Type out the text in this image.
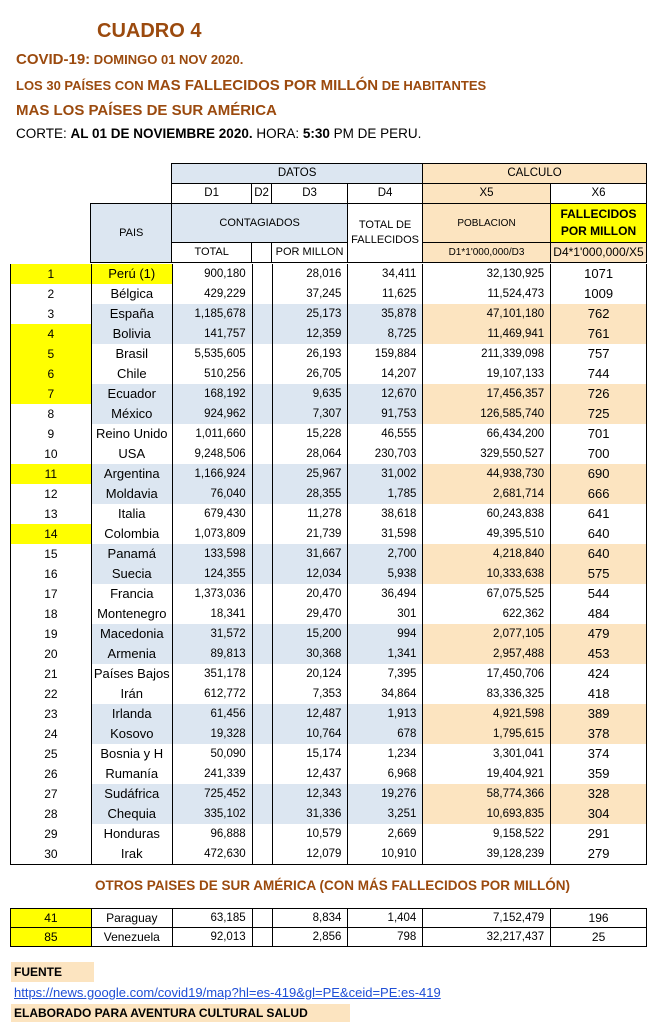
CUADRO 4
COVID-19: DOMINGO 01 NOV 2020.
LOS 30 PAÍSES CON MAS FALLECIDOS POR MILLÓN DE HABITANTES
MAS LOS PAÍSES DE SUR AMÉRICA
CORTE: AL 01 DE NOVIEMBRE 2020. HORA: 5:30 PM DE PERU.
		DATOS				CALCULO	
		D1	D2	D3	D4	X5	X6
	PAIS	CONTAGIADOS			TOTAL DE FALLECIDOS	POBLACION	FALLECIDOS POR MILLON
		TOTAL		POR MILLON		D1*1'000,000/D3	D4*1'000,000/X5
1	Perú (1)	900,180		28,016	34,411	32,130,925	1071
2	Bélgica	429,229		37,245	11,625	11,524,473	1009
3	España	1,185,678		25,173	35,878	47,101,180	762
4	Bolivia	141,757		12,359	8,725	11,469,941	761
5	Brasil	5,535,605		26,193	159,884	211,339,098	757
6	Chile	510,256		26,705	14,207	19,107,133	744
7	Ecuador	168,192		9,635	12,670	17,456,357	726
8	México	924,962		7,307	91,753	126,585,740	725
9	Reino Unido	1,011,660		15,228	46,555	66,434,200	701
10	USA	9,248,506		28,064	230,703	329,550,527	700
11	Argentina	1,166,924		25,967	31,002	44,938,730	690
12	Moldavia	76,040		28,355	1,785	2,681,714	666
13	Italia	679,430		11,278	38,618	60,243,838	641
14	Colombia	1,073,809		21,739	31,598	49,395,510	640
15	Panamá	133,598		31,667	2,700	4,218,840	640
16	Suecia	124,355		12,034	5,938	10,333,638	575
17	Francia	1,373,036		20,470	36,494	67,075,525	544
18	Montenegro	18,341		29,470	301	622,362	484
19	Macedonia	31,572		15,200	994	2,077,105	479
20	Armenia	89,813		30,368	1,341	2,957,488	453
21	Países Bajos	351,178		20,124	7,395	17,450,706	424
22	Irán	612,772		7,353	34,864	83,336,325	418
23	Irlanda	61,456		12,487	1,913	4,921,598	389
24	Kosovo	19,328		10,764	678	1,795,615	378
25	Bosnia y H	50,090		15,174	1,234	3,301,041	374
26	Rumanía	241,339		12,437	6,968	19,404,921	359
27	Sudáfrica	725,452		12,343	19,276	58,774,366	328
28	Chequia	335,102		31,336	3,251	10,693,835	304
29	Honduras	96,888		10,579	2,669	9,158,522	291
30	Irak	472,630		12,079	10,910	39,128,239	279
OTROS PAISES DE SUR AMÉRICA (CON MÁS FALLECIDOS POR MILLÓN)
41	Paraguay	63,185		8,834	1,404	7,152,479	196
85	Venezuela	92,013		2,856	798	32,217,437	25
FUENTE
https://news.google.com/covid19/map?hl=es-419&gl=PE&ceid=PE:es-419
ELABORADO PARA AVENTURA CULTURAL SALUD
